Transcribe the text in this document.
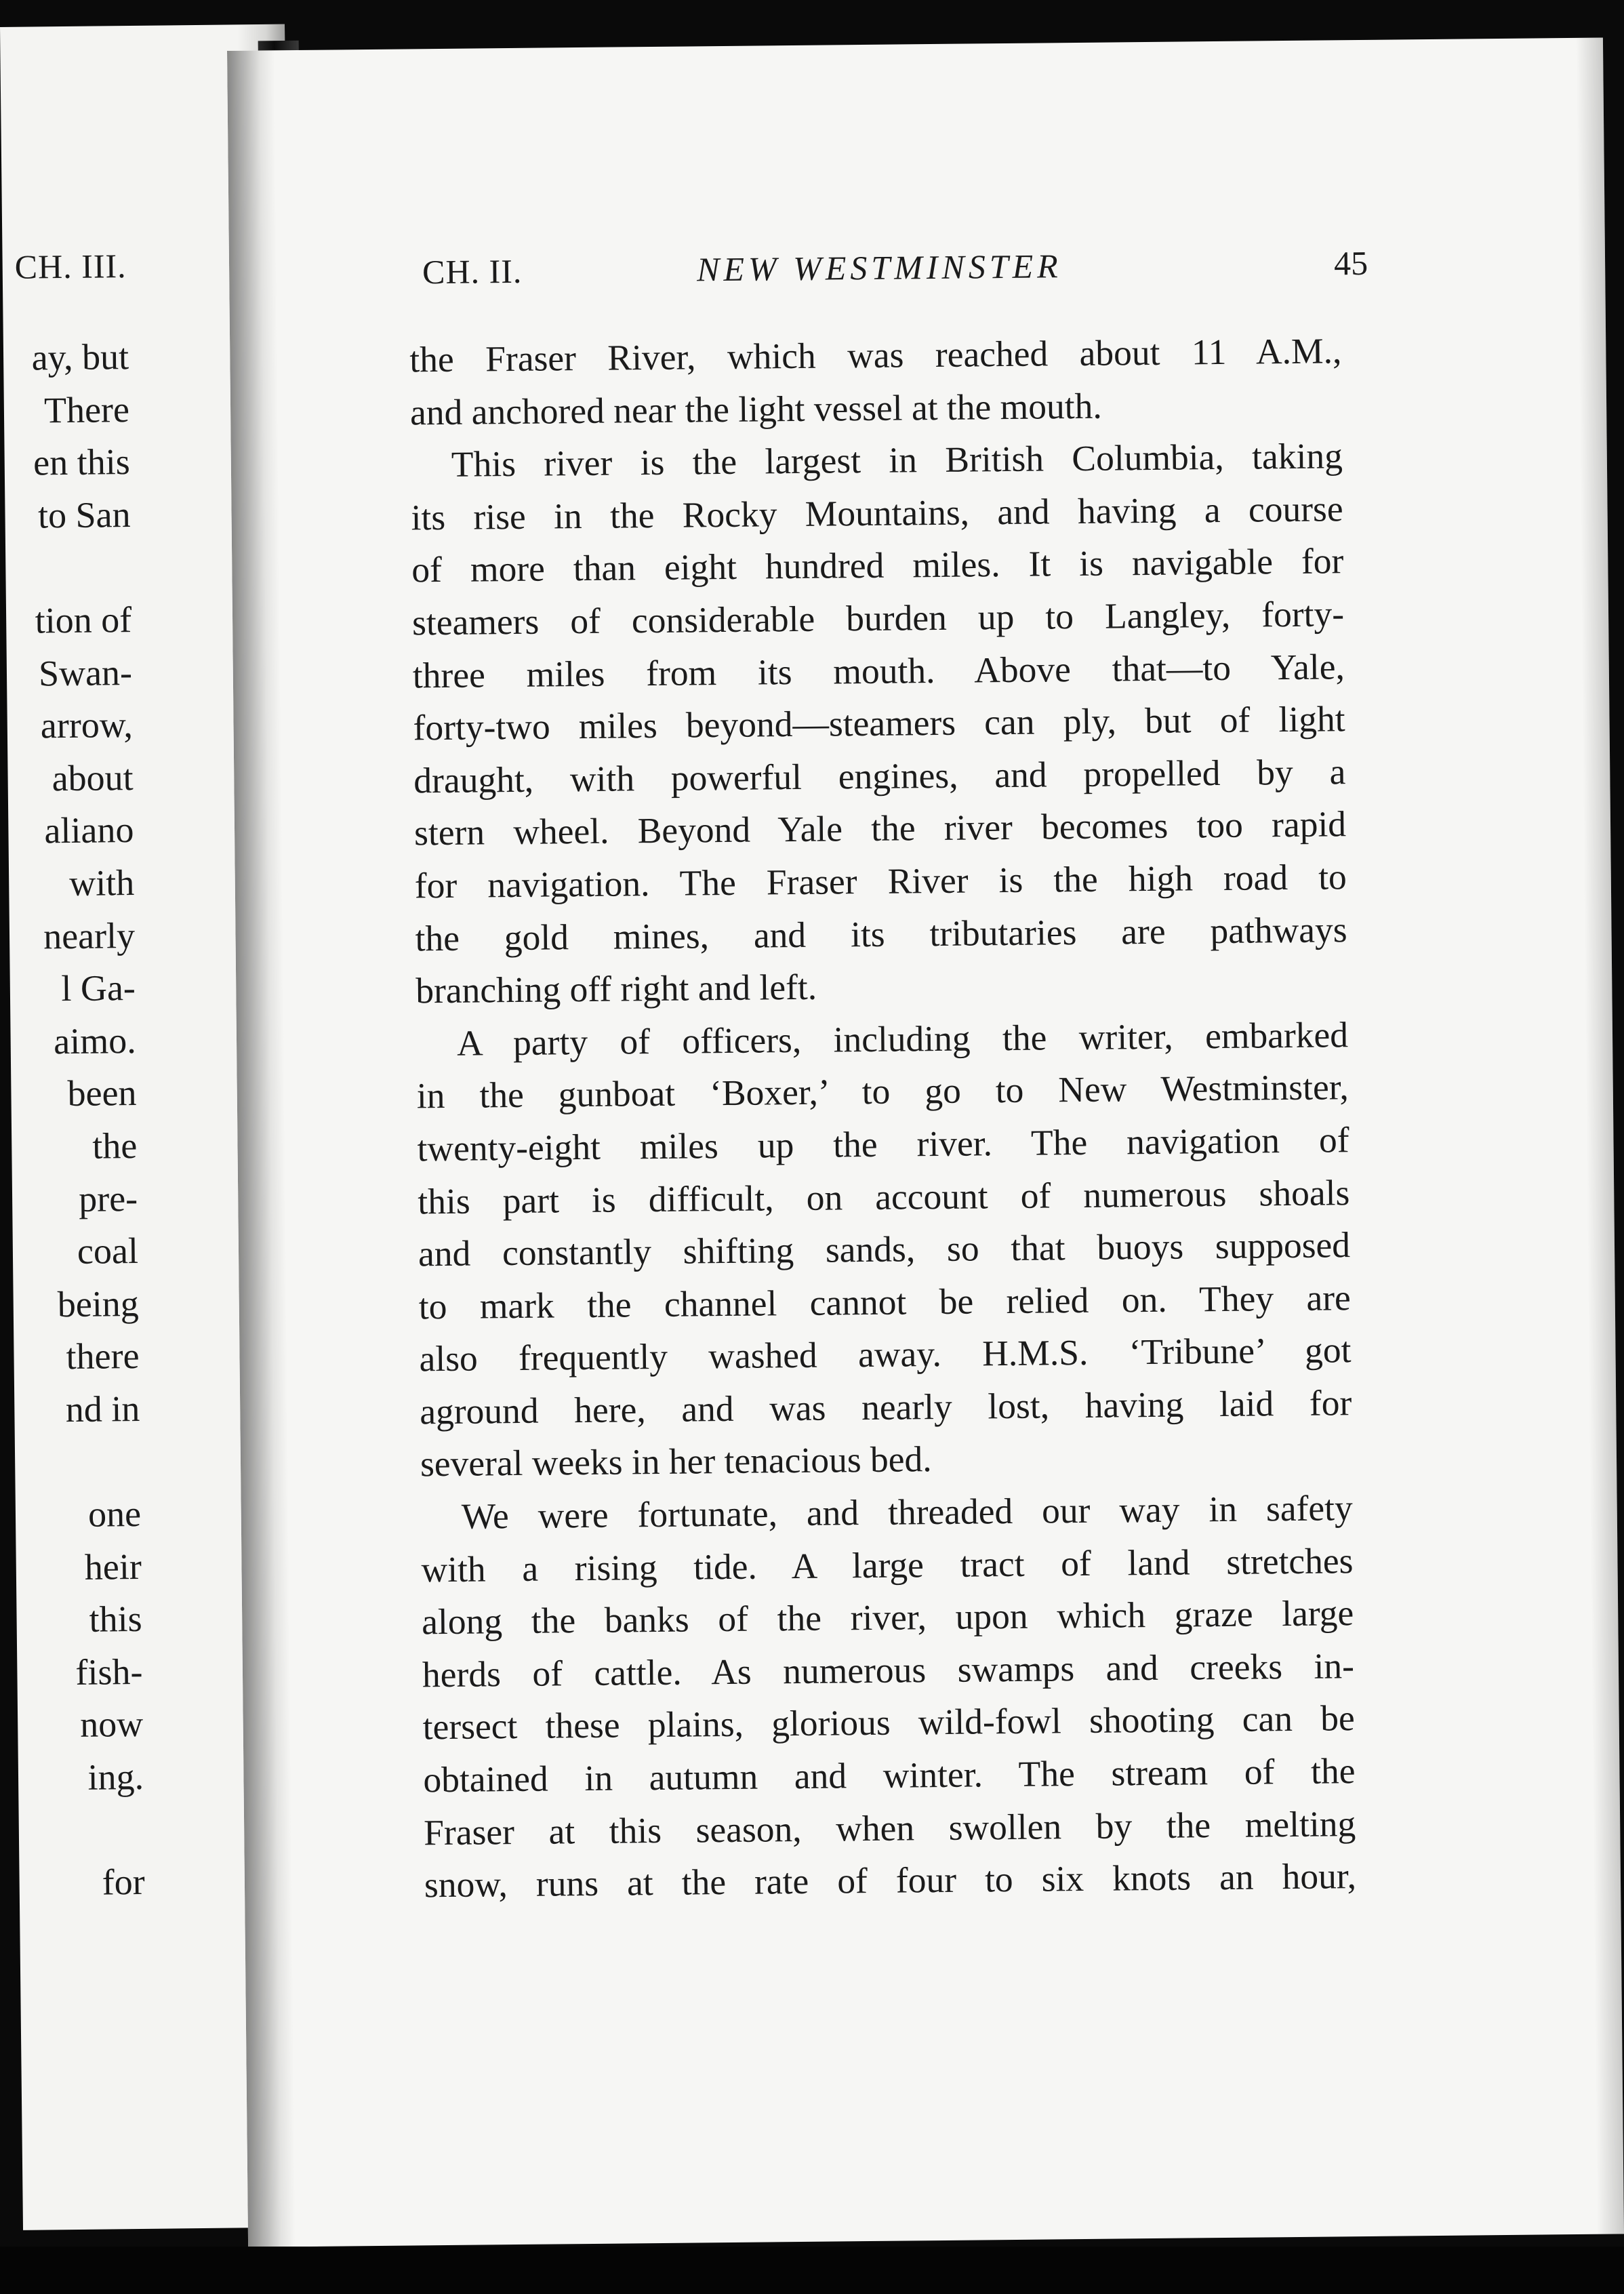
CH. III.
ay, but
There
en this
to San
tion of
Swan-
arrow,
about
aliano
with
nearly
l Ga-
aimo.
been
the
pre-
coal
being
there
nd in
one
heir
this
fish-
now
ing.
for
CH. II.	NEW WESTMINSTER	45
the Fraser River, which was reached about 11 A.M.,
and anchored near the light vessel at the mouth.
This river is the largest in British Columbia, taking
its rise in the Rocky Mountains, and having a course
of more than eight hundred miles. It is navigable for
steamers of considerable burden up to Langley, forty-
three miles from its mouth. Above that—to Yale,
forty-two miles beyond—steamers can ply, but of light
draught, with powerful engines, and propelled by a
stern wheel. Beyond Yale the river becomes too rapid
for navigation. The Fraser River is the high road to
the gold mines, and its tributaries are pathways
branching off right and left.
A party of officers, including the writer, embarked
in the gunboat ‘Boxer,’ to go to New Westminster,
twenty-eight miles up the river. The navigation of
this part is difficult, on account of numerous shoals
and constantly shifting sands, so that buoys supposed
to mark the channel cannot be relied on. They are
also frequently washed away. H.M.S. ‘Tribune’ got
aground here, and was nearly lost, having laid for
several weeks in her tenacious bed.
We were fortunate, and threaded our way in safety
with a rising tide. A large tract of land stretches
along the banks of the river, upon which graze large
herds of cattle. As numerous swamps and creeks in-
tersect these plains, glorious wild-fowl shooting can be
obtained in autumn and winter. The stream of the
Fraser at this season, when swollen by the melting
snow, runs at the rate of four to six knots an hour,
